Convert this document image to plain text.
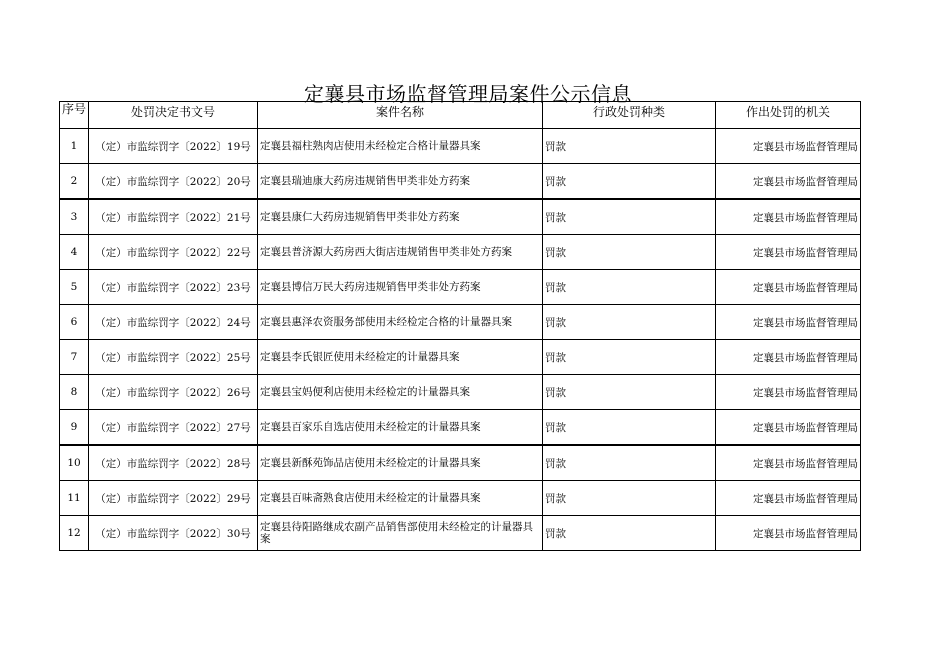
定襄县市场监督管理局案件公示信息
序号	处罚决定书文号	案件名称	行政处罚种类	作出处罚的机关
1	（定）市监综罚字〔2022〕19号	定襄县福柱熟肉店使用未经检定合格计量器具案	罚款	定襄县市场监督管理局
2	（定）市监综罚字〔2022〕20号	定襄县瑞迪康大药房违规销售甲类非处方药案	罚款	定襄县市场监督管理局
3	（定）市监综罚字〔2022〕21号	定襄县康仁大药房违规销售甲类非处方药案	罚款	定襄县市场监督管理局
4	（定）市监综罚字〔2022〕22号	定襄县普济源大药房西大街店违规销售甲类非处方药案	罚款	定襄县市场监督管理局
5	（定）市监综罚字〔2022〕23号	定襄县博信万民大药房违规销售甲类非处方药案	罚款	定襄县市场监督管理局
6	（定）市监综罚字〔2022〕24号	定襄县惠泽农资服务部使用未经检定合格的计量器具案	罚款	定襄县市场监督管理局
7	（定）市监综罚字〔2022〕25号	定襄县李氏银匠使用未经检定的计量器具案	罚款	定襄县市场监督管理局
8	（定）市监综罚字〔2022〕26号	定襄县宝妈便利店使用未经检定的计量器具案	罚款	定襄县市场监督管理局
9	（定）市监综罚字〔2022〕27号	定襄县百家乐自选店使用未经检定的计量器具案	罚款	定襄县市场监督管理局
10	（定）市监综罚字〔2022〕28号	定襄县新酥苑饰品店使用未经检定的计量器具案	罚款	定襄县市场监督管理局
11	（定）市监综罚字〔2022〕29号	定襄县百味斋熟食店使用未经检定的计量器具案	罚款	定襄县市场监督管理局
12	（定）市监综罚字〔2022〕30号	定襄县待阳路继成农副产品销售部使用未经检定的计量器具案	罚款	定襄县市场监督管理局
